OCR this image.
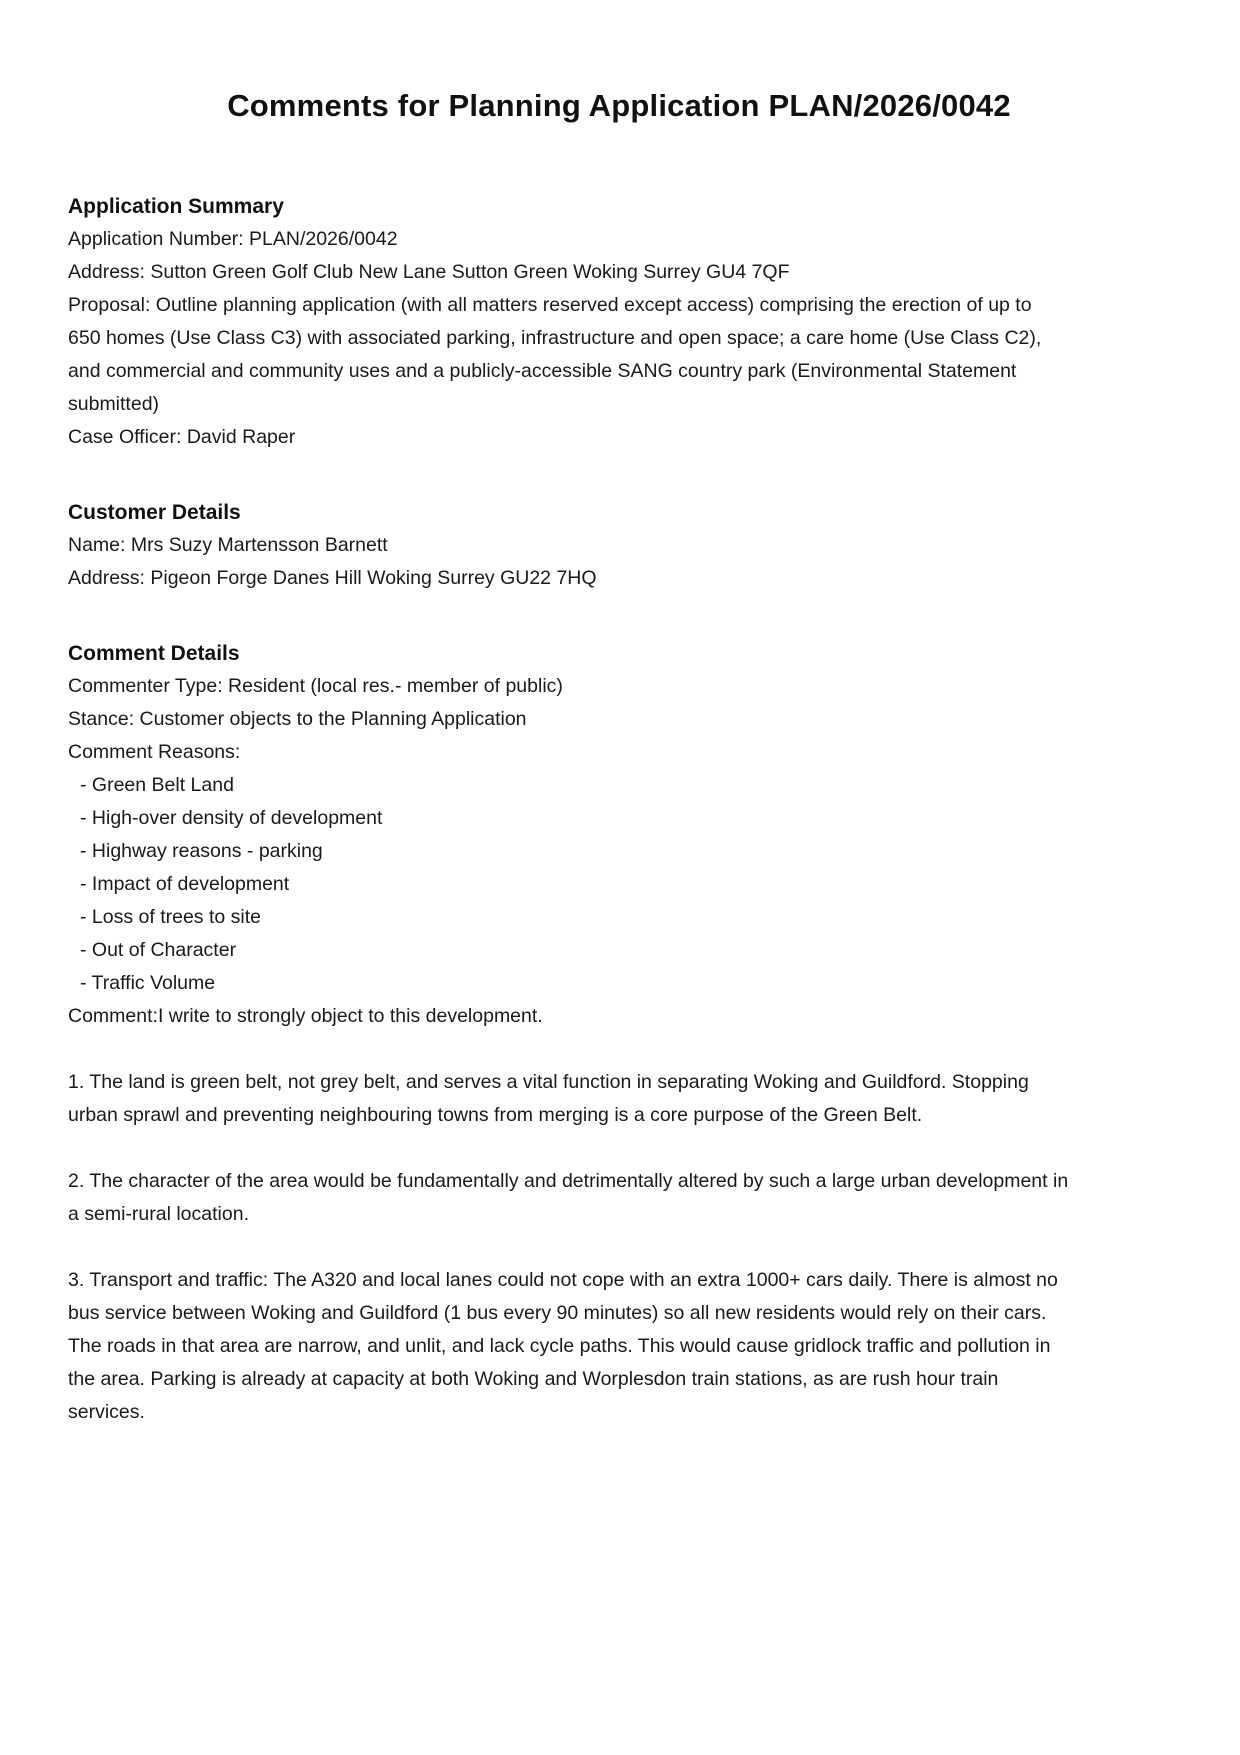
Comments for Planning Application PLAN/2026/0042
Application Summary
Application Number: PLAN/2026/0042
Address: Sutton Green Golf Club New Lane Sutton Green Woking Surrey GU4 7QF
Proposal: Outline planning application (with all matters reserved except access) comprising the erection of up to 650 homes (Use Class C3) with associated parking, infrastructure and open space; a care home (Use Class C2), and commercial and community uses and a publicly-accessible SANG country park (Environmental Statement submitted)
Case Officer: David Raper
Customer Details
Name: Mrs Suzy Martensson Barnett
Address: Pigeon Forge Danes Hill Woking Surrey GU22 7HQ
Comment Details
Commenter Type: Resident (local res.- member of public)
Stance: Customer objects to the Planning Application
Comment Reasons:
- Green Belt Land
- High-over density of development
- Highway reasons - parking
- Impact of development
- Loss of trees to site
- Out of Character
- Traffic Volume
Comment:I write to strongly object to this development.
1. The land is green belt, not grey belt, and serves a vital function in separating Woking and Guildford. Stopping urban sprawl and preventing neighbouring towns from merging is a core purpose of the Green Belt.
2. The character of the area would be fundamentally and detrimentally altered by such a large urban development in a semi-rural location.
3. Transport and traffic: The A320 and local lanes could not cope with an extra 1000+ cars daily. There is almost no bus service between Woking and Guildford (1 bus every 90 minutes) so all new residents would rely on their cars. The roads in that area are narrow, and unlit, and lack cycle paths. This would cause gridlock traffic and pollution in the area. Parking is already at capacity at both Woking and Worplesdon train stations, as are rush hour train services.
